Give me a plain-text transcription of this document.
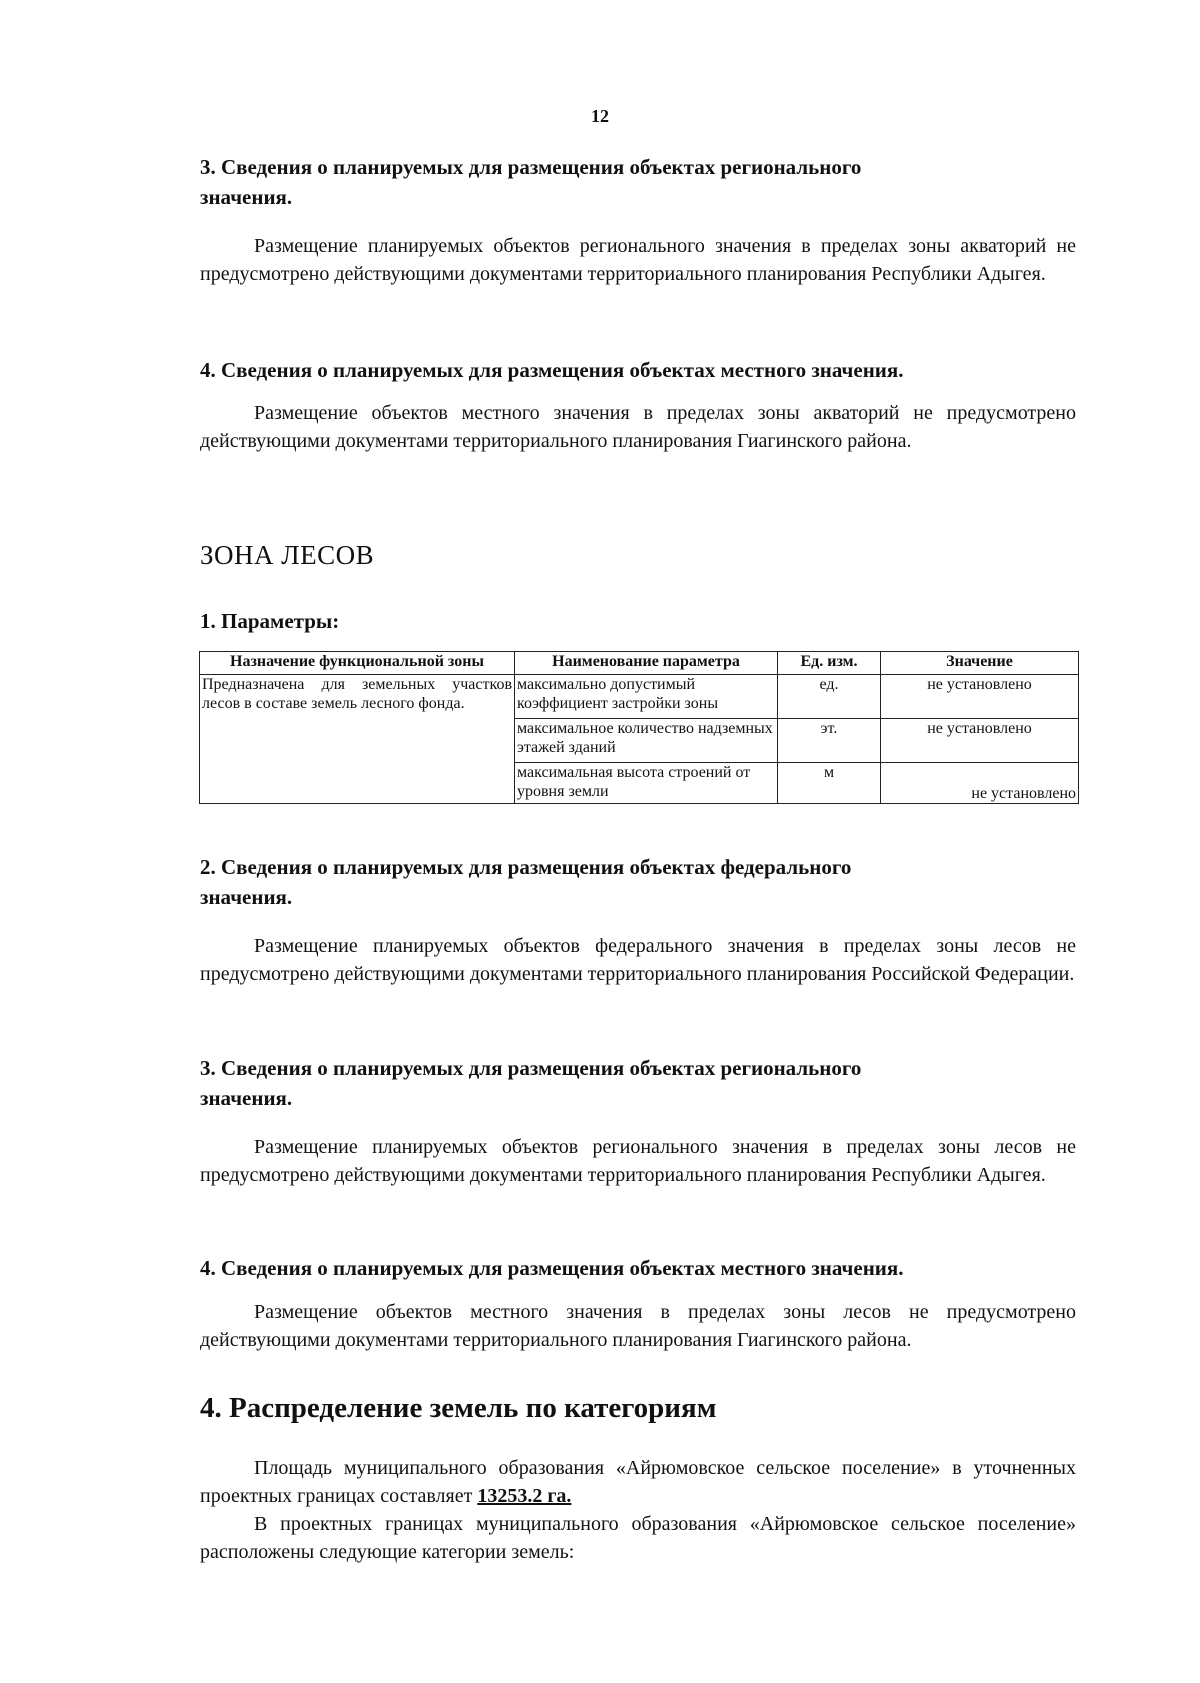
12
3. Сведения о планируемых для размещения объектах регионального
значения.

Размещение планируемых объектов регионального значения в пределах зоны акваторий не предусмотрено действующими документами территориального планирования Республики Адыгея.

4. Сведения о планируемых для размещения объектах местного значения.

Размещение объектов местного значения в пределах зоны акваторий не предусмотрено действующими документами территориального планирования Гиагинского района.

ЗОНА ЛЕСОВ
1. Параметры:
Назначение функциональной зоны	Наименование параметра	Ед. изм.	Значение
Предназначена для земельных участков лесов в составе земель лесного фонда.	максимально допустимый коэффициент застройки зоны	ед.	не установлено
	максимальное количество надземных этажей зданий	эт.	не установлено
	максимальная высота строений от уровня земли	м	не установлено
2. Сведения о планируемых для размещения объектах федерального
значения.

Размещение планируемых объектов федерального значения в пределах зоны лесов не предусмотрено действующими документами территориального планирования Российской Федерации.

3. Сведения о планируемых для размещения объектах регионального
значения.

Размещение планируемых объектов регионального значения в пределах зоны лесов не предусмотрено действующими документами территориального планирования Республики Адыгея.

4. Сведения о планируемых для размещения объектах местного значения.

Размещение объектов местного значения в пределах зоны лесов не предусмотрено действующими документами территориального планирования Гиагинского района.

4. Распределение земель по категориям

Площадь муниципального образования «Айрюмовское сельское поселение» в уточненных проектных границах составляет 13253.2 га.

В проектных границах муниципального образования «Айрюмовское сельское поселение» расположены следующие категории земель:
